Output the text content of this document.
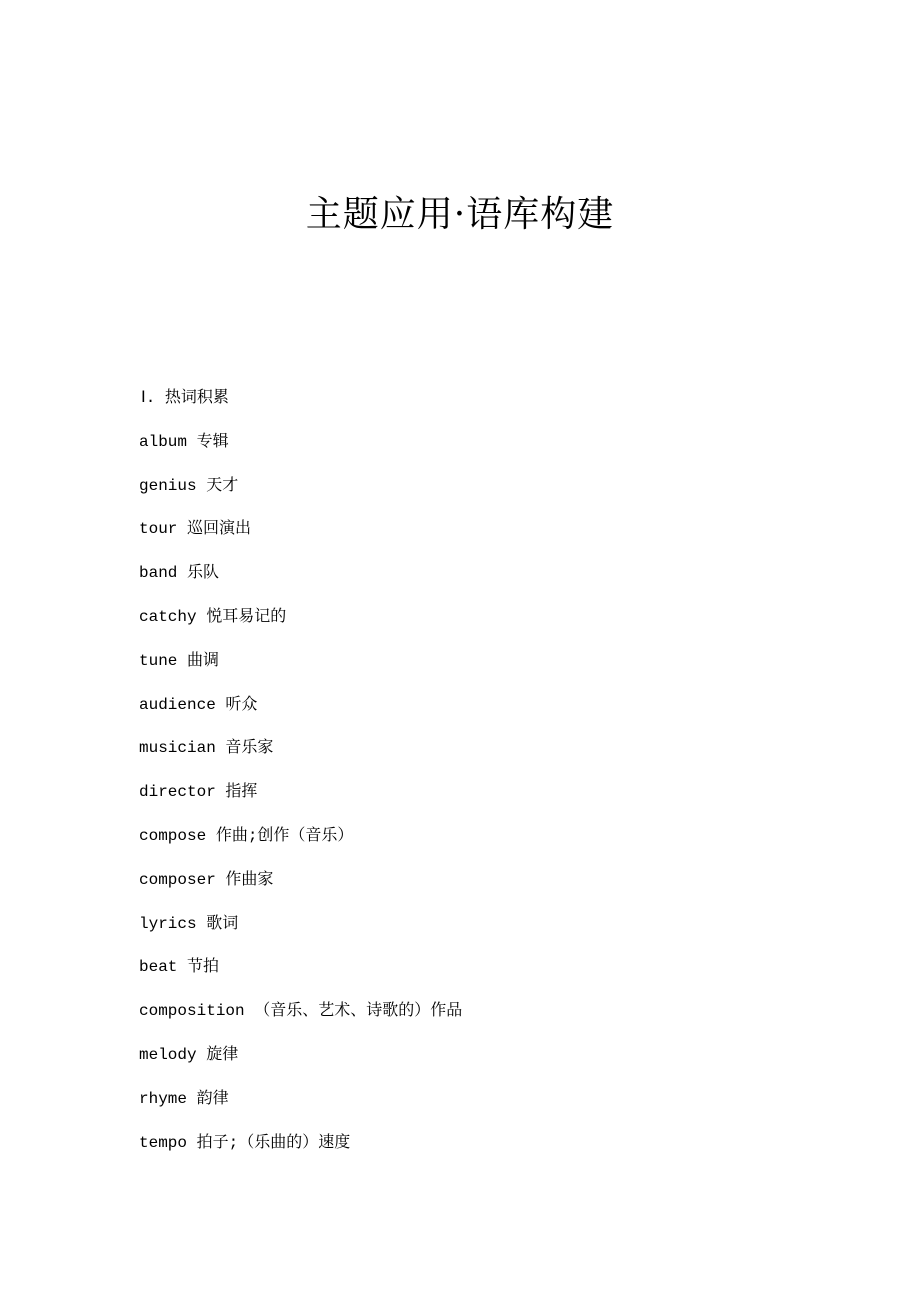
主题应用·语库构建
Ⅰ. 热词积累
album 专辑
genius 天才
tour 巡回演出
band 乐队
catchy 悦耳易记的
tune 曲调
audience 听众
musician 音乐家
director 指挥
compose 作曲;创作（音乐）
composer 作曲家
lyrics 歌词
beat 节拍
composition （音乐、艺术、诗歌的）作品
melody 旋律
rhyme 韵律
tempo 拍子;（乐曲的）速度
